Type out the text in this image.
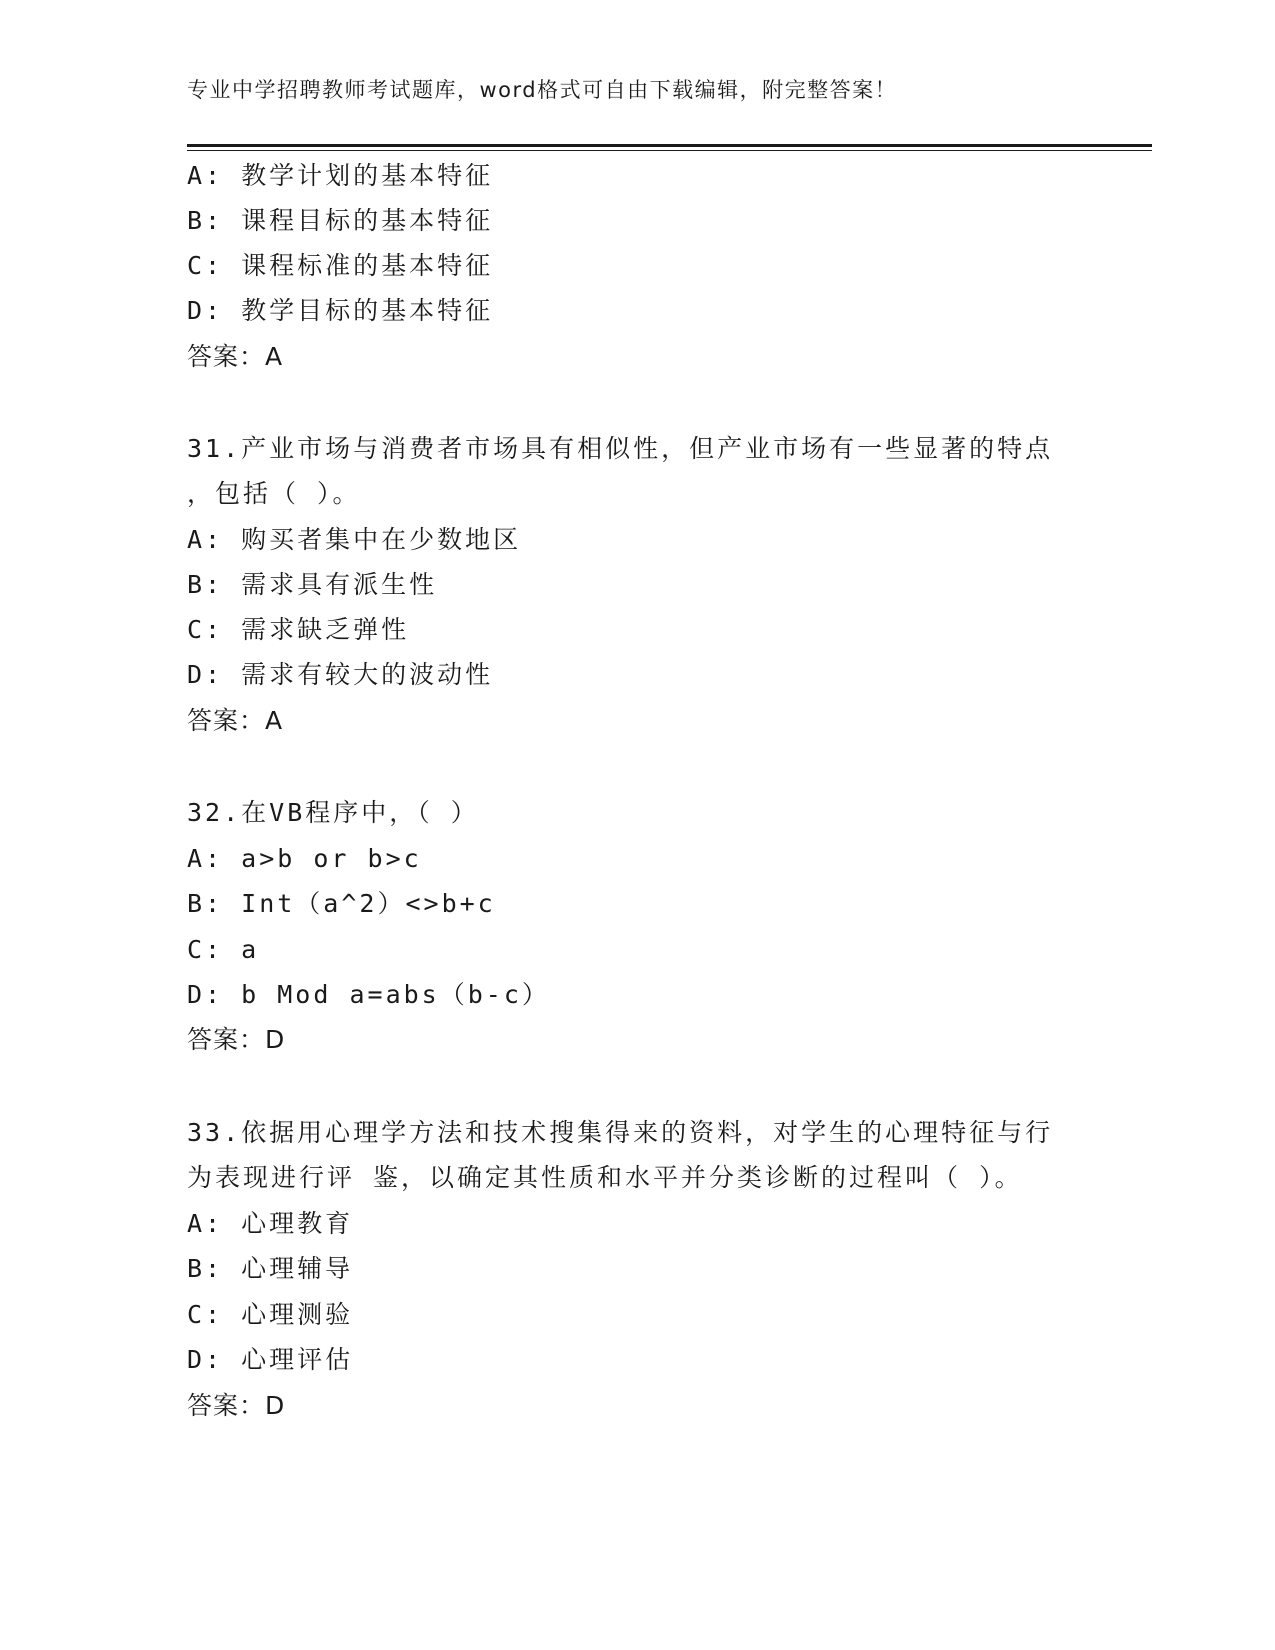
专业中学招聘教师考试题库，word格式可自由下载编辑，附完整答案！
A: 教学计划的基本特征
B: 课程目标的基本特征
C: 课程标准的基本特征
D: 教学目标的基本特征
答案：A
31.产业市场与消费者市场具有相似性，但产业市场有一些显著的特点
，包括（ ）。
A: 购买者集中在少数地区
B: 需求具有派生性
C: 需求缺乏弹性
D: 需求有较大的波动性
答案：A
32.在VB程序中，（ ）
A: a>b or b>c
B: Int（a^2）<>b+c
C: a
D: b Mod a=abs（b-c）
答案：D
33.依据用心理学方法和技术搜集得来的资料，对学生的心理特征与行
为表现进行评 鉴，以确定其性质和水平并分类诊断的过程叫（ ）。
A: 心理教育
B: 心理辅导
C: 心理测验
D: 心理评估
答案：D
